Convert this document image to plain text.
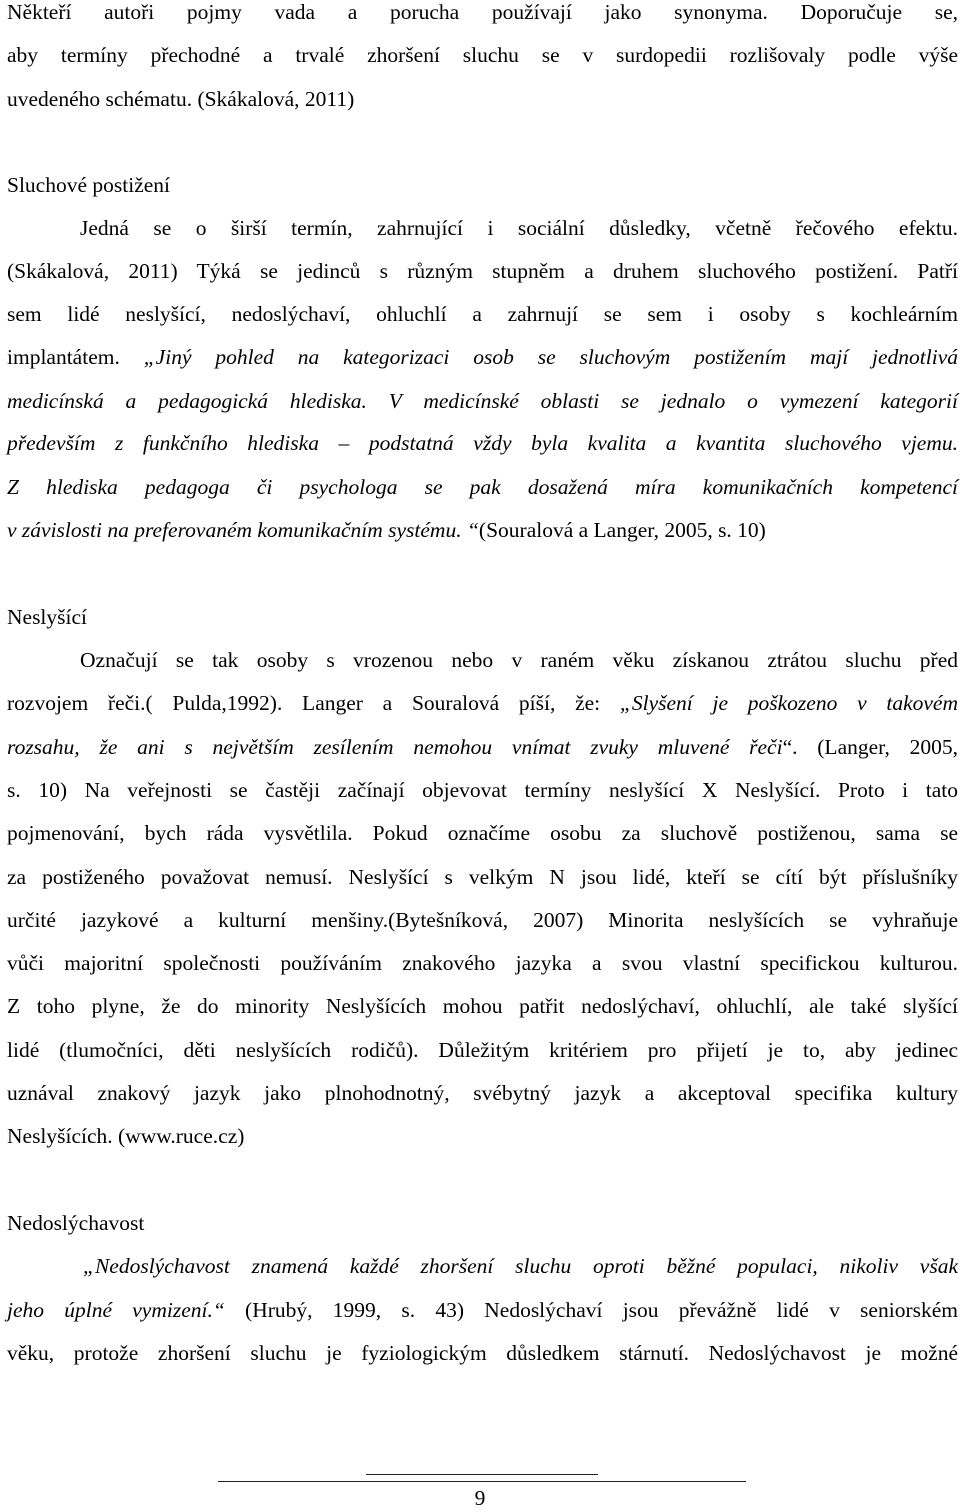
Někteří autoři pojmy vada a porucha používají jako synonyma. Doporučuje se,
aby termíny přechodné a trvalé zhoršení sluchu se v surdopedii rozlišovaly podle výše
uvedeného schématu. (Skákalová, 2011)
Sluchové postižení
Jedná se o širší termín, zahrnující i sociální důsledky, včetně řečového efektu.
(Skákalová, 2011) Týká se jedinců s různým stupněm a druhem sluchového postižení. Patří
sem lidé neslyšící, nedoslýchaví, ohluchlí a zahrnují se sem i osoby s kochleárním
implantátem. „Jiný pohled na kategorizaci osob se sluchovým postižením mají jednotlivá
medicínská a pedagogická hlediska. V medicínské oblasti se jednalo o vymezení kategorií
především z funkčního hlediska – podstatná vždy byla kvalita a kvantita sluchového vjemu.
Z hlediska pedagoga či psychologa se pak dosažená míra komunikačních kompetencí
v závislosti na preferovaném komunikačním systému. “(Souralová a Langer, 2005, s. 10)
Neslyšící
Označují se tak osoby s vrozenou nebo v raném věku získanou ztrátou sluchu před
rozvojem řeči.( Pulda,1992). Langer a Souralová píší, že: „Slyšení je poškozeno v takovém
rozsahu, že ani s největším zesílením nemohou vnímat zvuky mluvené řeči“. (Langer, 2005,
s. 10) Na veřejnosti se častěji začínají objevovat termíny neslyšící X Neslyšící. Proto i tato
pojmenování, bych ráda vysvětlila. Pokud označíme osobu za sluchově postiženou, sama se
za postiženého považovat nemusí. Neslyšící s velkým N jsou lidé, kteří se cítí být příslušníky
určité jazykové a kulturní menšiny.(Bytešníková, 2007) Minorita neslyšících se vyhraňuje
vůči majoritní společnosti používáním znakového jazyka a svou vlastní specifickou kulturou.
Z toho plyne, že do minority Neslyšících mohou patřit nedoslýchaví, ohluchlí, ale také slyšící
lidé (tlumočníci, děti neslyšících rodičů). Důležitým kritériem pro přijetí je to, aby jedinec
uznával znakový jazyk jako plnohodnotný, svébytný jazyk a akceptoval specifika kultury
Neslyšících. (www.ruce.cz)
Nedoslýchavost
„Nedoslýchavost znamená každé zhoršení sluchu oproti běžné populaci, nikoliv však
jeho úplné vymizení.“ (Hrubý, 1999, s. 43) Nedoslýchaví jsou převážně lidé v seniorském
věku, protože zhoršení sluchu je fyziologickým důsledkem stárnutí. Nedoslýchavost je možné
9
